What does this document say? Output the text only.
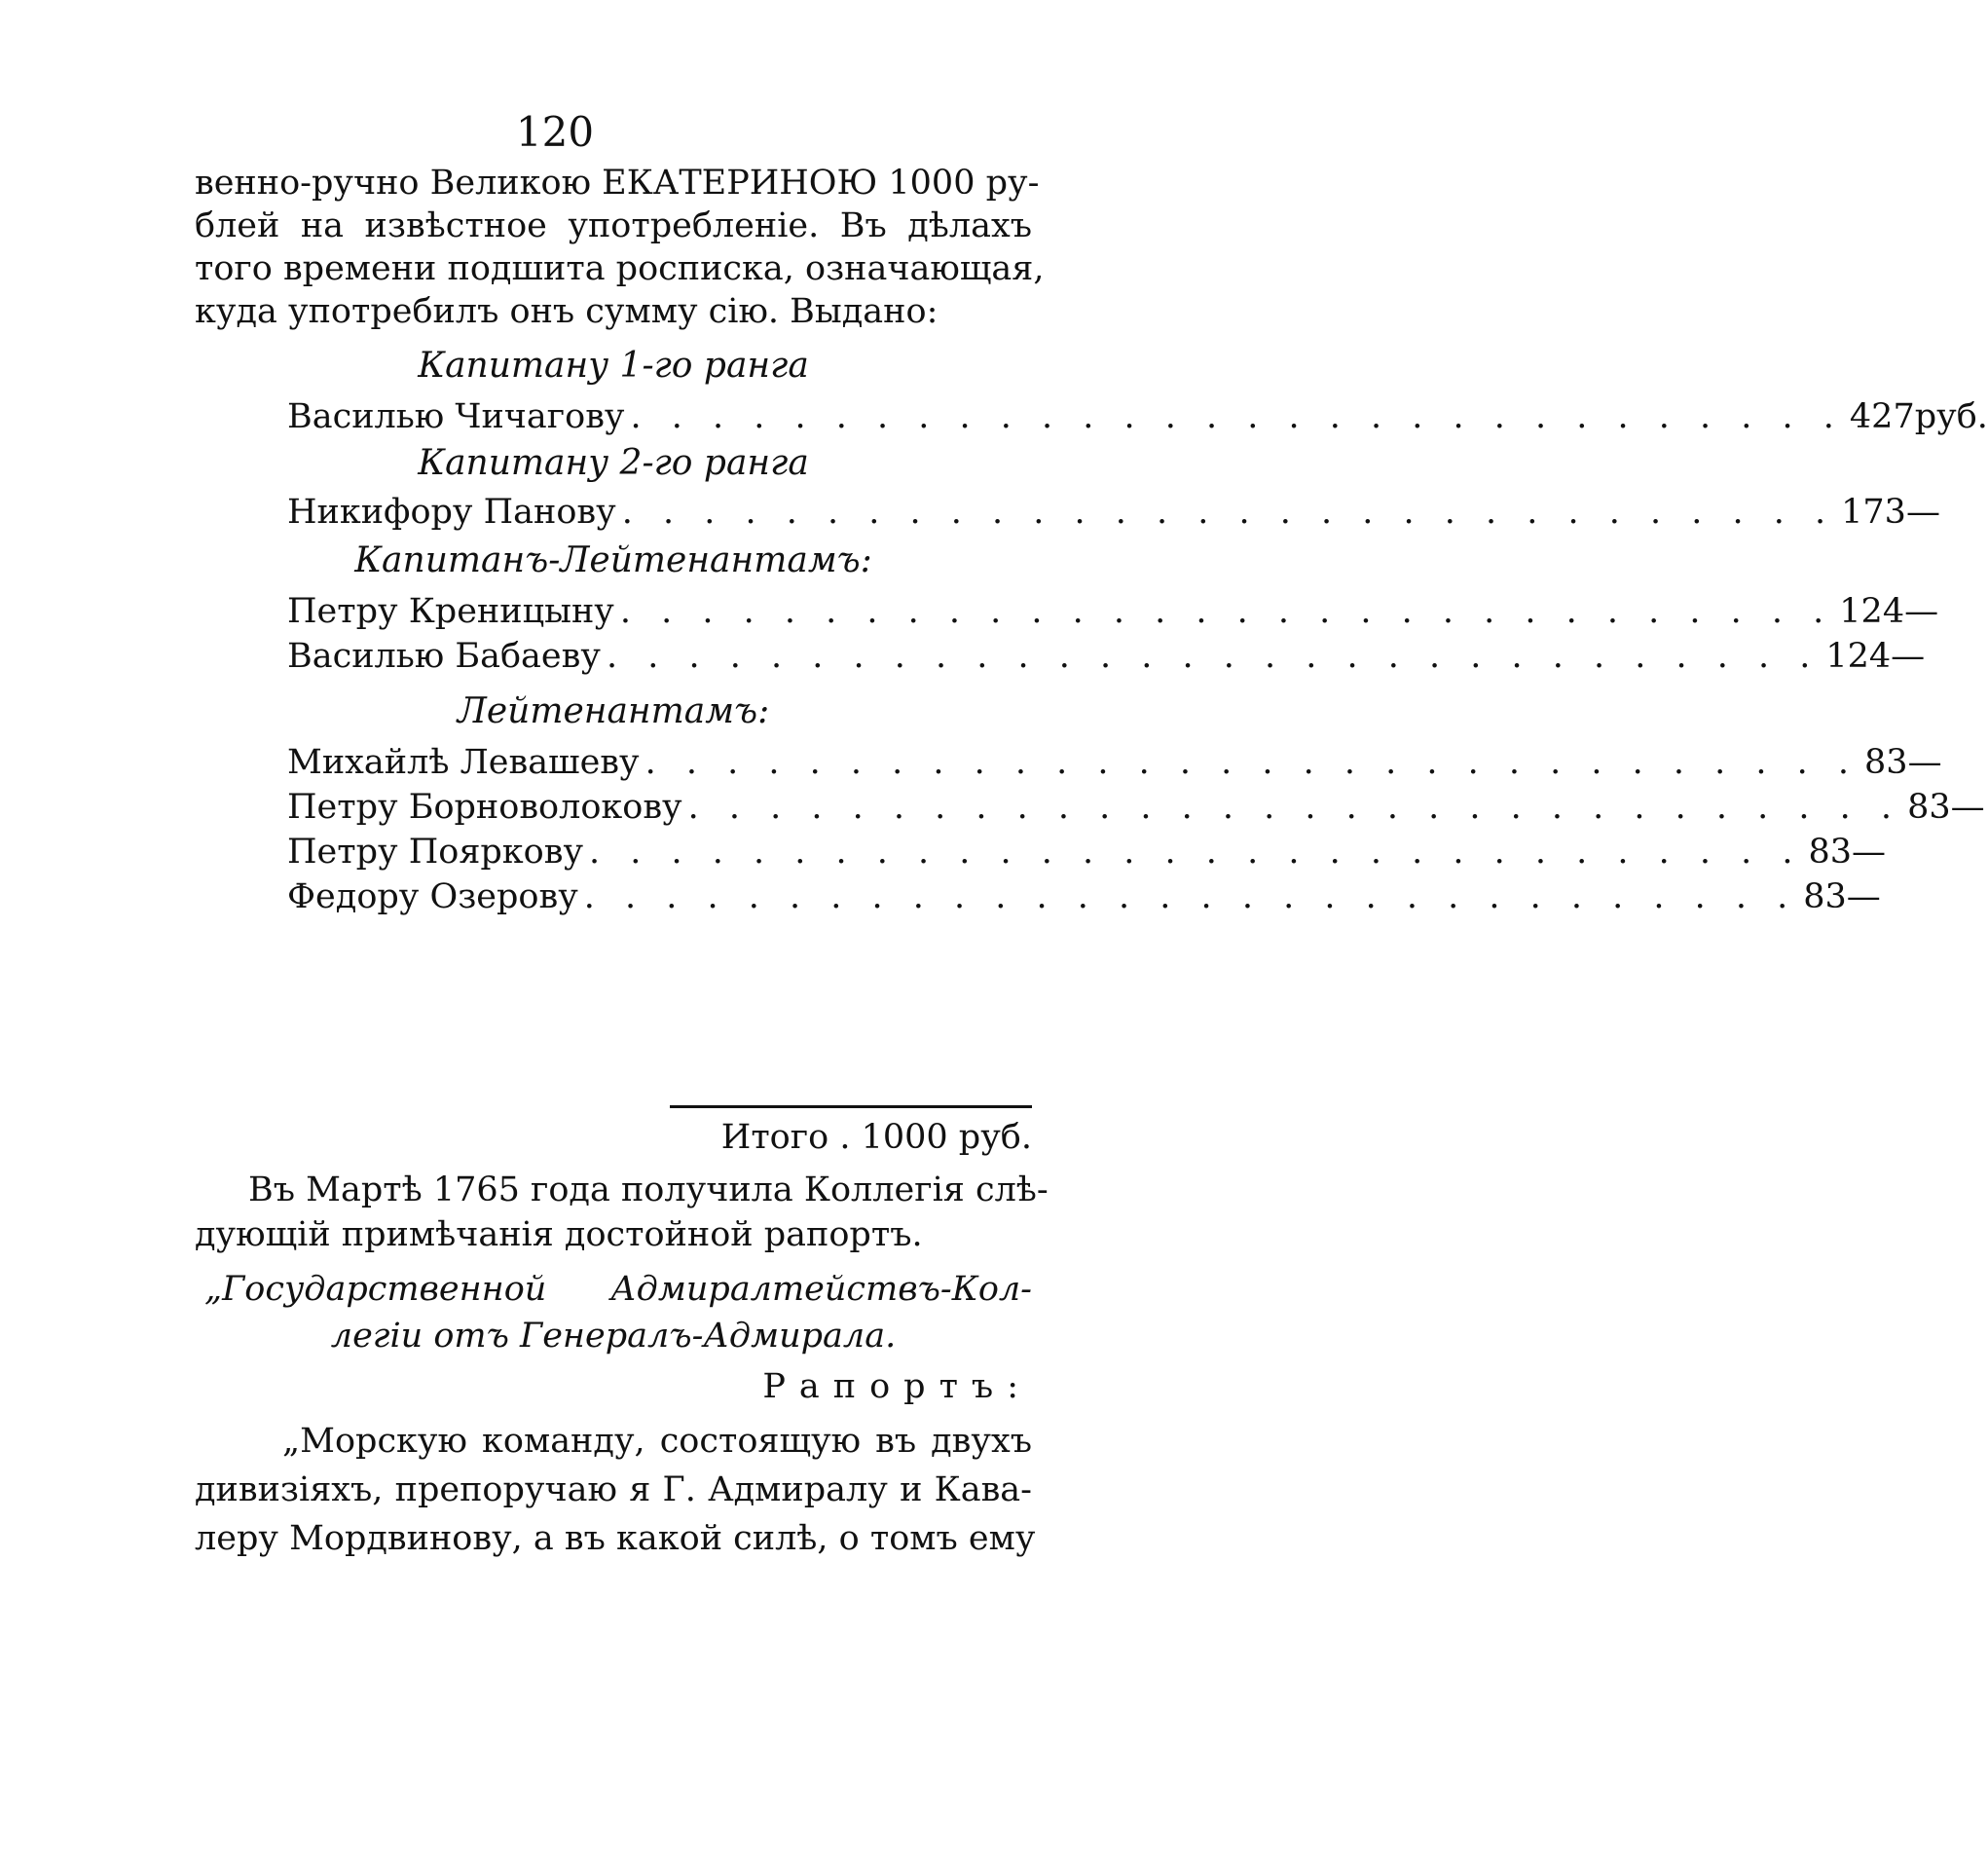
120
венно-ручно Великою ЕКАТЕРИНОЮ 1000 ру-
блей на извѣстное употребленіе. Въ дѣлахъ
того времени подшита роспиcка, означающая,
куда употребилъ онъ сумму сію. Выдано:
Капитану 1-го ранга
Василью Чичагову . . . . . . . . . . . . . . . . . . . . . . . . . . . . . . 427 руб.
Капитану 2-го ранга
Никифору Панову . . . . . . . . . . . . . . . . . . . . . . . . . . . . . . 173 —
Капитанъ-Лейтенантамъ:
Петру Креницыну . . . . . . . . . . . . . . . . . . . . . . . . . . . . . . 124 —
Василью Бабаеву . . . . . . . . . . . . . . . . . . . . . . . . . . . . . . 124 —
Лейтенантамъ:
Михайлѣ Левашеву . . . . . . . . . . . . . . . . . . . . . . . . . . . . . . 83 —
Петру Борноволокову . . . . . . . . . . . . . . . . . . . . . . . . . . . . . . 83 —
Петру Пояркову . . . . . . . . . . . . . . . . . . . . . . . . . . . . . . 83 —
Федору Озерову . . . . . . . . . . . . . . . . . . . . . . . . . . . . . . 83 —
Итого . 1000 руб.
Въ Мартѣ 1765 года получила Коллегія слѣ-
дующій примѣчанія достойной рапортъ.
„Государственной Адмиралтействъ-Кол-
легіи отъ Генералъ-Адмирала.
Рапортъ:
„Морскую команду, состоящую въ двухъ
дивизіяхъ, препоручаю я Г. Адмиралу и Кава-
леру Мордвинову, а въ какой силѣ, о томъ ему
